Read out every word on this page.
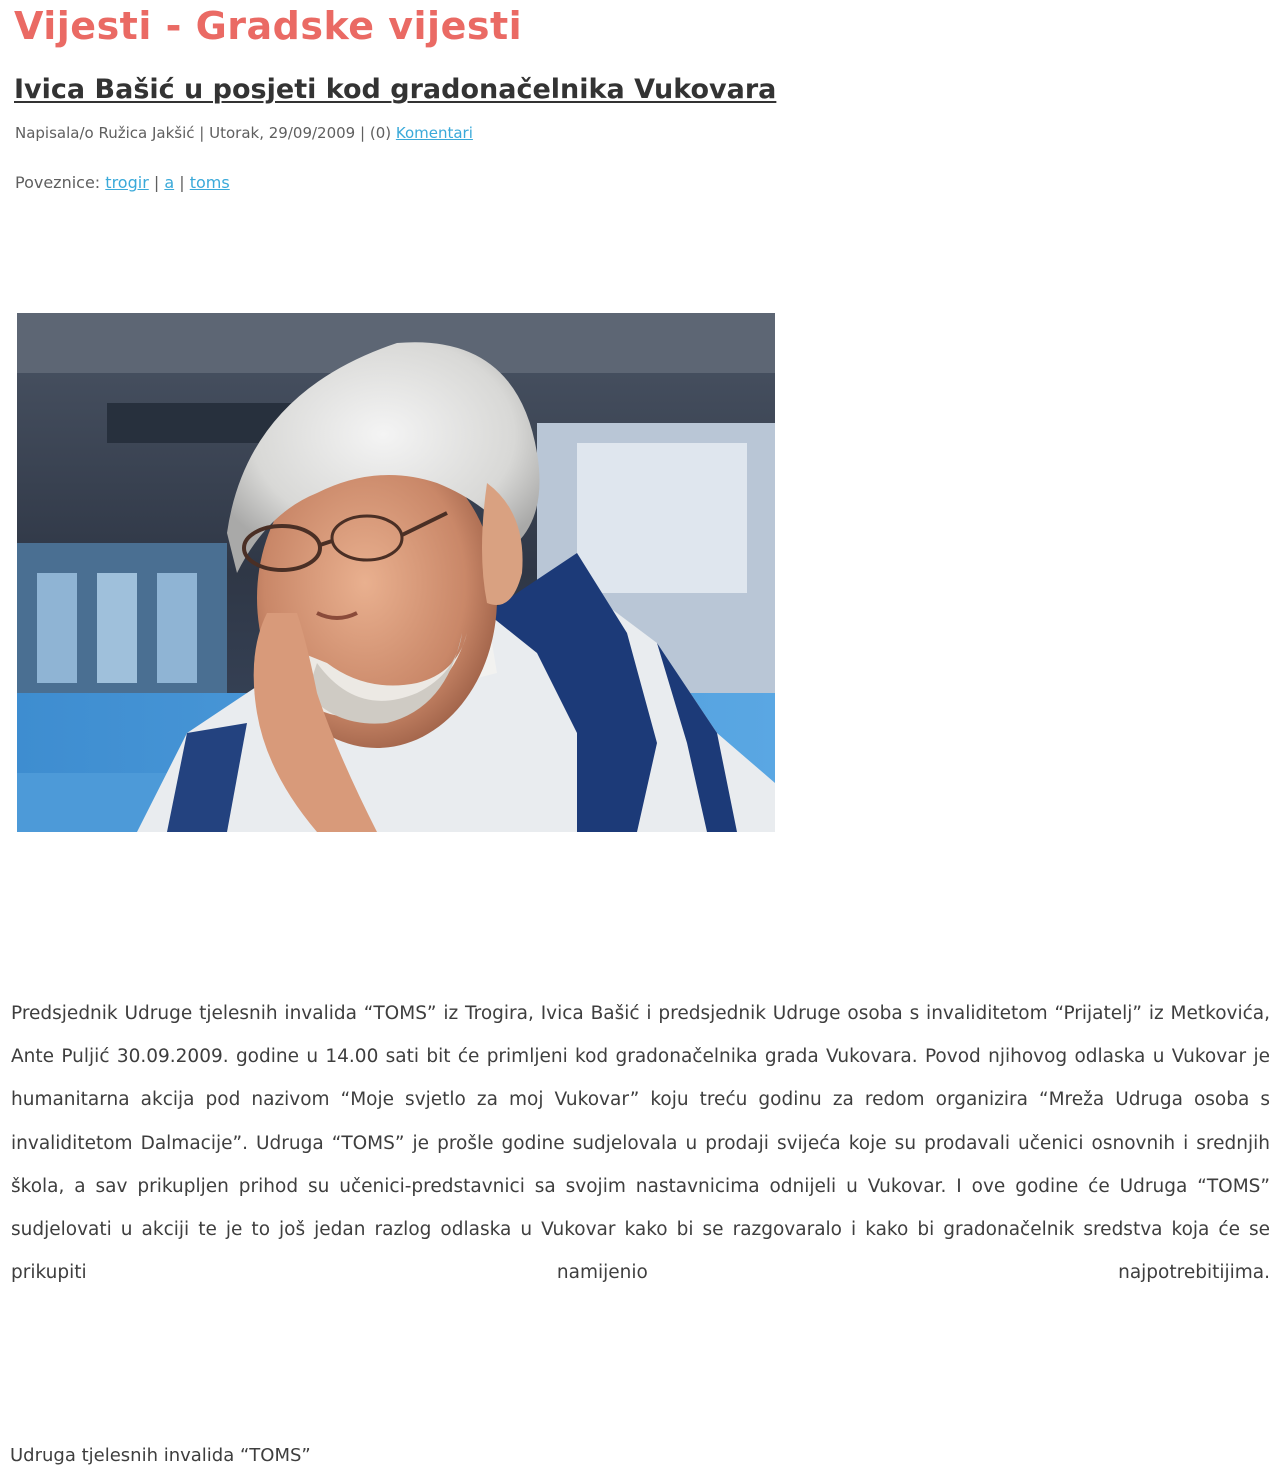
Vijesti - Gradske vijesti
Ivica Bašić u posjeti kod gradonačelnika Vukovara
Napisala/o Ružica Jakšić | Utorak, 29/09/2009 | (0) Komentari
Poveznice: trogir | a | toms

Predsjednik Udruge tjelesnih invalida “TOMS” iz Trogira, Ivica Bašić i predsjednik Udruge osoba s invaliditetom “Prijatelj” iz Metkovića, Ante Puljić 30.09.2009. godine u 14.00 sati bit će primljeni kod gradonačelnika grada Vukovara. Povod njihovog odlaska u Vukovar je humanitarna akcija pod nazivom “Moje svjetlo za moj Vukovar” koju treću godinu za redom organizira “Mreža Udruga osoba s invaliditetom Dalmacije”. Udruga “TOMS” je prošle godine sudjelovala u prodaji svijeća koje su prodavali učenici osnovnih i srednjih škola, a sav prikupljen prihod su učenici-predstavnici sa svojim nastavnicima odnijeli u Vukovar. I ove godine će Udruga “TOMS” sudjelovati u akciji te je to još jedan razlog odlaska u Vukovar kako bi se razgovaralo i kako bi gradonačelnik sredstva koja će se prikupiti namijenio najpotrebitijima.

Udruga tjelesnih invalida “TOMS”
